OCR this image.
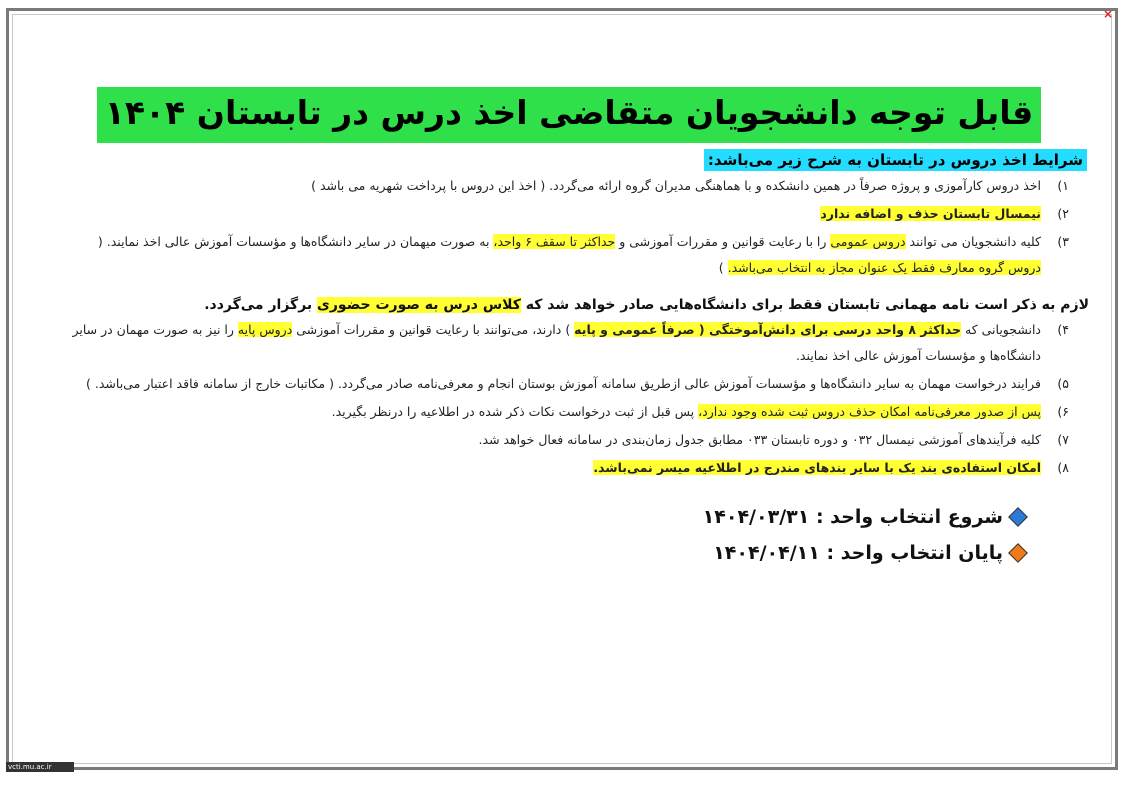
×
قابل توجه دانشجویان متقاضی اخذ درس در تابستان ۱۴۰۴
شرایط اخذ دروس در تابستان به شرح زیر می‌باشد:
۱)
اخذ دروس کارآموزی و پروژه صرفاً در همین دانشکده و با هماهنگی مدیران گروه ارائه می‌گردد. ( اخذ این دروس با پرداخت شهریه می باشد )
۲)
نیمسال تابستان حذف و اضافه ندارد
۳)
کلیه دانشجویان می توانند دروس عمومی را با رعایت قوانین و مقررات آموزشی و حداکثر تا سقف ۶ واحد، به صورت میهمان در سایر دانشگاه‌ها و مؤسسات آموزش عالی اخذ نمایند. ( دروس گروه معارف فقط یک عنوان مجاز به انتخاب می‌باشد. )
لازم به ذکر است نامه مهمانی تابستان فقط برای دانشگاه‌هایی صادر خواهد شد که کلاس درس به صورت حضوری برگزار می‌گردد.
۴)
دانشجویانی که حداکثر ۸ واحد درسی برای دانش‌آموختگی ( صرفاً عمومی و پایه ) دارند، می‌توانند با رعایت قوانین و مقررات آموزشی دروس پایه را نیز به صورت مهمان در سایر دانشگاه‌ها و مؤسسات آموزش عالی اخذ نمایند.
۵)
فرایند درخواست مهمان به سایر دانشگاه‌ها و مؤسسات آموزش عالی ازطریق سامانه آموزش بوستان انجام و معرفی‌نامه صادر می‌گردد. ( مکاتبات خارج از سامانه فاقد اعتبار می‌باشد. )
۶)
پس از صدور معرفی‌نامه امکان حذف دروس ثبت شده وجود ندارد، پس قبل از ثبت درخواست نکات ذکر شده در اطلاعیه را درنظر بگیرید.
۷)
کلیه فرآیندهای آموزشی نیمسال ۰۳۲ و دوره تابستان ۰۳۳ مطابق جدول زمان‌بندی در سامانه فعال خواهد شد.
۸)
امکان استفاده‌ی بند یک با سایر بندهای مندرج در اطلاعیه میسر نمی‌باشد.
شروع انتخاب واحد : ۱۴۰۴/۰۳/۳۱
پایان انتخاب واحد : ۱۴۰۴/۰۴/۱۱
vcti.mu.ac.ir
